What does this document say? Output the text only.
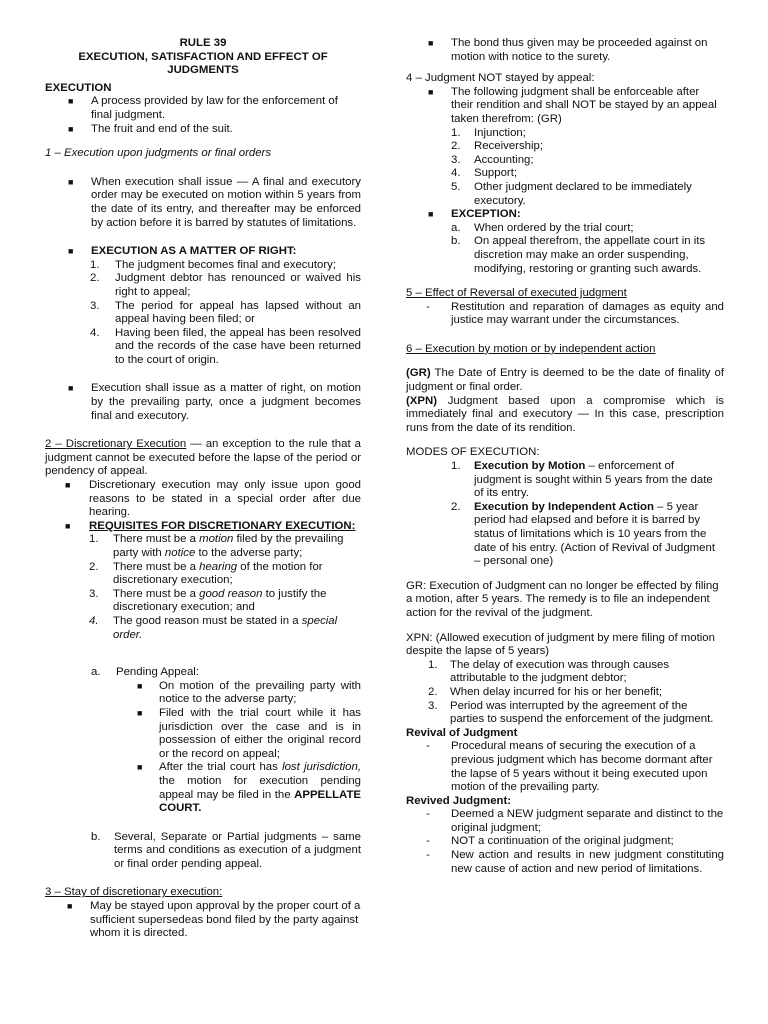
RULE 39

EXECUTION, SATISFACTION AND EFFECT OF JUDGMENTS

EXECUTION

■ A process provided by law for the enforcement of final judgment.
■ The fruit and end of the suit.

1 – Execution upon judgments or final orders

■ When execution shall issue — A final and executory order may be executed on motion within 5 years from the date of its entry, and thereafter may be enforced by action before it is barred by statutes of limitations.
■ EXECUTION AS A MATTER OF RIGHT:
1. The judgment becomes final and executory;
2. Judgment debtor has renounced or waived his right to appeal;
3. The period for appeal has lapsed without an appeal having been filed; or
4. Having been filed, the appeal has been resolved and the records of the case have been returned to the court of origin.
■ Execution shall issue as a matter of right, on motion by the prevailing party, once a judgment becomes final and executory.

2 – Discretionary Execution — an exception to the rule that a judgment cannot be executed before the lapse of the period or pendency of appeal.

■ Discretionary execution may only issue upon good reasons to be stated in a special order after due hearing.
■ REQUISITES FOR DISCRETIONARY EXECUTION:
1. There must be a motion filed by the prevailing party with notice to the adverse party;
2. There must be a hearing of the motion for discretionary execution;
3. There must be a good reason to justify the discretionary execution; and
4. The good reason must be stated in a special order.
a. Pending Appeal:
■ On motion of the prevailing party with notice to the adverse party;
■ Filed with the trial court while it has jurisdiction over the case and is in possession of either the original record or the record on appeal;
■ After the trial court has lost jurisdiction, the motion for execution pending appeal may be filed in the APPELLATE COURT.
b. Several, Separate or Partial judgments – same terms and conditions as execution of a judgment or final order pending appeal.

3 – Stay of discretionary execution:

■ May be stayed upon approval by the proper court of a sufficient supersedeas bond filed by the party against whom it is directed.
■ The bond thus given may be proceeded against on motion with notice to the surety.

4 – Judgment NOT stayed by appeal:

■ The following judgment shall be enforceable after their rendition and shall NOT be stayed by an appeal taken therefrom: (GR)
1. Injunction;
2. Receivership;
3. Accounting;
4. Support;
5. Other judgment declared to be immediately executory.
■ EXCEPTION:
a. When ordered by the trial court;
b. On appeal therefrom, the appellate court in its discretion may make an order suspending, modifying, restoring or granting such awards.

5 – Effect of Reversal of executed judgment

- Restitution and reparation of damages as equity and justice may warrant under the circumstances.

6 – Execution by motion or by independent action

(GR) The Date of Entry is deemed to be the date of finality of judgment or final order.

(XPN) Judgment based upon a compromise which is immediately final and executory — In this case, prescription runs from the date of its rendition.

MODES OF EXECUTION:

1. Execution by Motion – enforcement of judgment is sought within 5 years from the date of its entry.
2. Execution by Independent Action – 5 year period had elapsed and before it is barred by status of limitations which is 10 years from the date of his entry. (Action of Revival of Judgment – personal one)

GR: Execution of Judgment can no longer be effected by filing a motion, after 5 years. The remedy is to file an independent action for the revival of the judgment.

XPN: (Allowed execution of judgment by mere filing of motion despite the lapse of 5 years)

1. The delay of execution was through causes attributable to the judgment debtor;
2. When delay incurred for his or her benefit;
3. Period was interrupted by the agreement of the parties to suspend the enforcement of the judgment.

Revival of Judgment

- Procedural means of securing the execution of a previous judgment which has become dormant after the lapse of 5 years without it being executed upon motion of the prevailing party.

Revived Judgment:

- Deemed a NEW judgment separate and distinct to the original judgment;
- NOT a continuation of the original judgment;
- New action and results in new judgment constituting new cause of action and new period of limitations.
